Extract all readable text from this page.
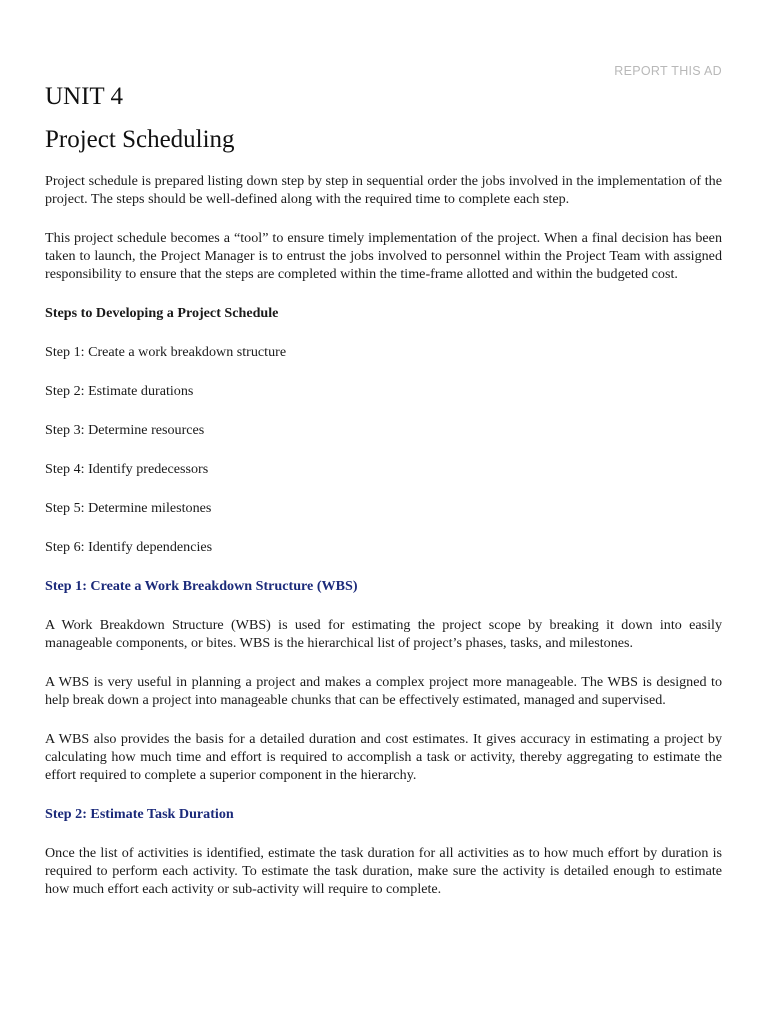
REPORT THIS AD
UNIT 4
Project Scheduling

Project schedule is prepared listing down step by step in sequential order the jobs involved in the implementation of the project. The steps should be well-defined along with the required time to complete each step.

This project schedule becomes a “tool” to ensure timely implementation of the project. When a final decision has been taken to launch, the Project Manager is to entrust the jobs involved to personnel within the Project Team with assigned responsibility to ensure that the steps are completed within the time-frame allotted and within the budgeted cost.

Steps to Developing a Project Schedule

Step 1: Create a work breakdown structure

Step 2: Estimate durations

Step 3: Determine resources

Step 4: Identify predecessors

Step 5: Determine milestones

Step 6: Identify dependencies

Step 1: Create a Work Breakdown Structure (WBS)

A Work Breakdown Structure (WBS) is used for estimating the project scope by breaking it down into easily manageable components, or bites. WBS is the hierarchical list of project’s phases, tasks, and milestones.

A WBS is very useful in planning a project and makes a complex project more manageable. The WBS is designed to help break down a project into manageable chunks that can be effectively estimated, managed and supervised.

A WBS also provides the basis for a detailed duration and cost estimates. It gives accuracy in estimating a project by calculating how much time and effort is required to accomplish a task or activity, thereby aggregating to estimate the effort required to complete a superior component in the hierarchy.

Step 2: Estimate Task Duration

Once the list of activities is identified, estimate the task duration for all activities as to how much effort by duration is required to perform each activity. To estimate the task duration, make sure the activity is detailed enough to estimate how much effort each activity or sub-activity will require to complete.
